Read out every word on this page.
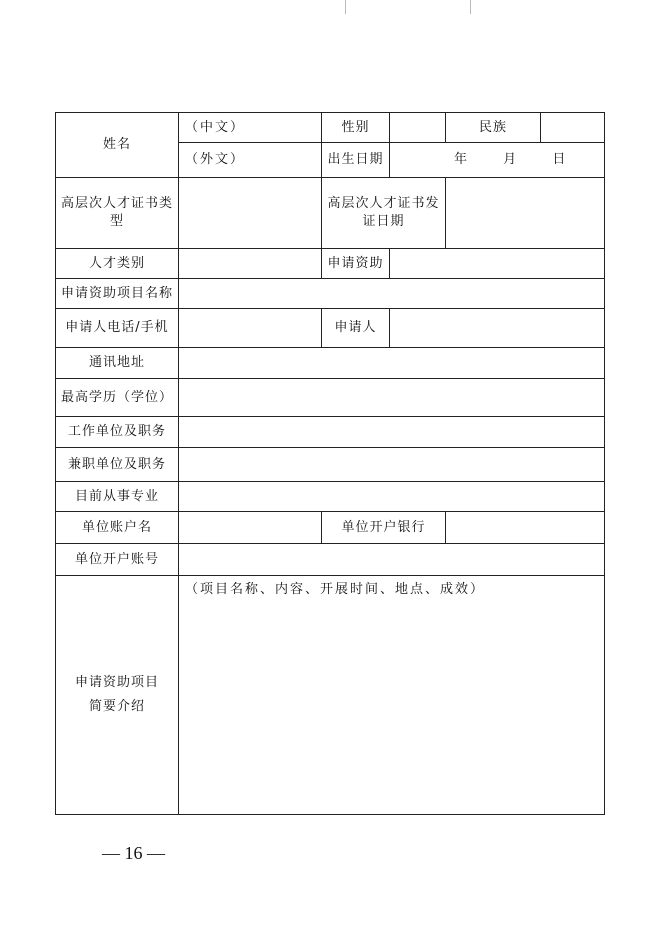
姓名	（中文）	性别		民族	
	（外文）	出生日期	年 月 日		
高层次人才证书类型		高层次人才证书发证日期			
人才类别		申请资助			
申请资助项目名称					
申请人电话/手机		申请人			
通讯地址					
最高学历（学位）					
工作单位及职务					
兼职单位及职务					
目前从事专业					
单位账户名		单位开户银行			
单位开户账号					

申请资助项目
简要介绍	（项目名称、内容、开展时间、地点、成效）				
— 16 —
